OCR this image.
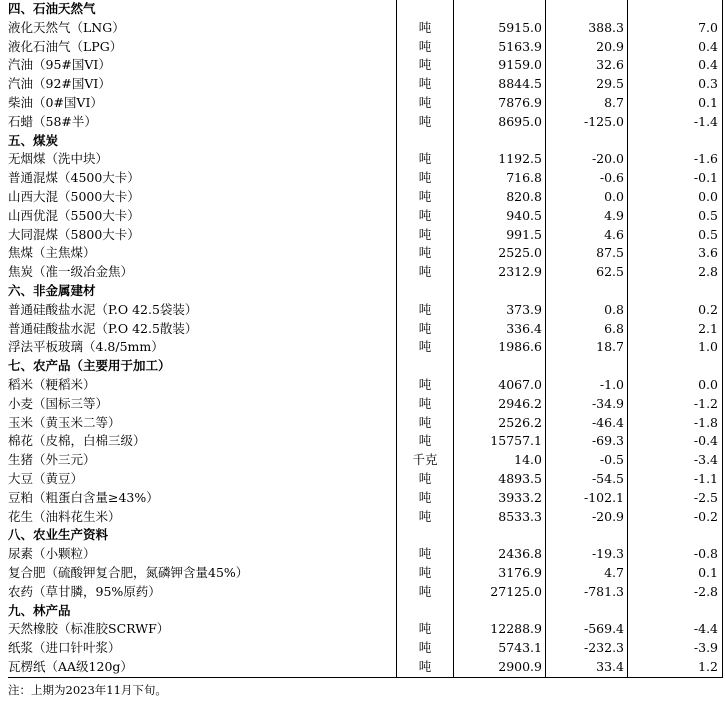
四、石油天然气				
液化天然气（LNG）	吨	5915.0	388.3	7.0
液化石油气（LPG）	吨	5163.9	20.9	0.4
汽油（95#国VI）	吨	9159.0	32.6	0.4
汽油（92#国VI）	吨	8844.5	29.5	0.3
柴油（0#国VI）	吨	7876.9	8.7	0.1
石蜡（58#半）	吨	8695.0	-125.0	-1.4
五、煤炭				
无烟煤（洗中块）	吨	1192.5	-20.0	-1.6
普通混煤（4500大卡）	吨	716.8	-0.6	-0.1
山西大混（5000大卡）	吨	820.8	0.0	0.0
山西优混（5500大卡）	吨	940.5	4.9	0.5
大同混煤（5800大卡）	吨	991.5	4.6	0.5
焦煤（主焦煤）	吨	2525.0	87.5	3.6
焦炭（准一级冶金焦）	吨	2312.9	62.5	2.8
六、非金属建材				
普通硅酸盐水泥（P.O 42.5袋装）	吨	373.9	0.8	0.2
普通硅酸盐水泥（P.O 42.5散装）	吨	336.4	6.8	2.1
浮法平板玻璃（4.8/5mm）	吨	1986.6	18.7	1.0
七、农产品（主要用于加工）				
稻米（粳稻米）	吨	4067.0	-1.0	0.0
小麦（国标三等）	吨	2946.2	-34.9	-1.2
玉米（黄玉米二等）	吨	2526.2	-46.4	-1.8
棉花（皮棉，白棉三级）	吨	15757.1	-69.3	-0.4
生猪（外三元）	千克	14.0	-0.5	-3.4
大豆（黄豆）	吨	4893.5	-54.5	-1.1
豆粕（粗蛋白含量≥43%）	吨	3933.2	-102.1	-2.5
花生（油料花生米）	吨	8533.3	-20.9	-0.2
八、农业生产资料				
尿素（小颗粒）	吨	2436.8	-19.3	-0.8
复合肥（硫酸钾复合肥，氮磷钾含量45%）	吨	3176.9	4.7	0.1
农药（草甘膦，95%原药）	吨	27125.0	-781.3	-2.8
九、林产品				
天然橡胶（标准胶SCRWF）	吨	12288.9	-569.4	-4.4
纸浆（进口针叶浆）	吨	5743.1	-232.3	-3.9
瓦楞纸（AA级120g）	吨	2900.9	33.4	1.2
注：上期为2023年11月下旬。
